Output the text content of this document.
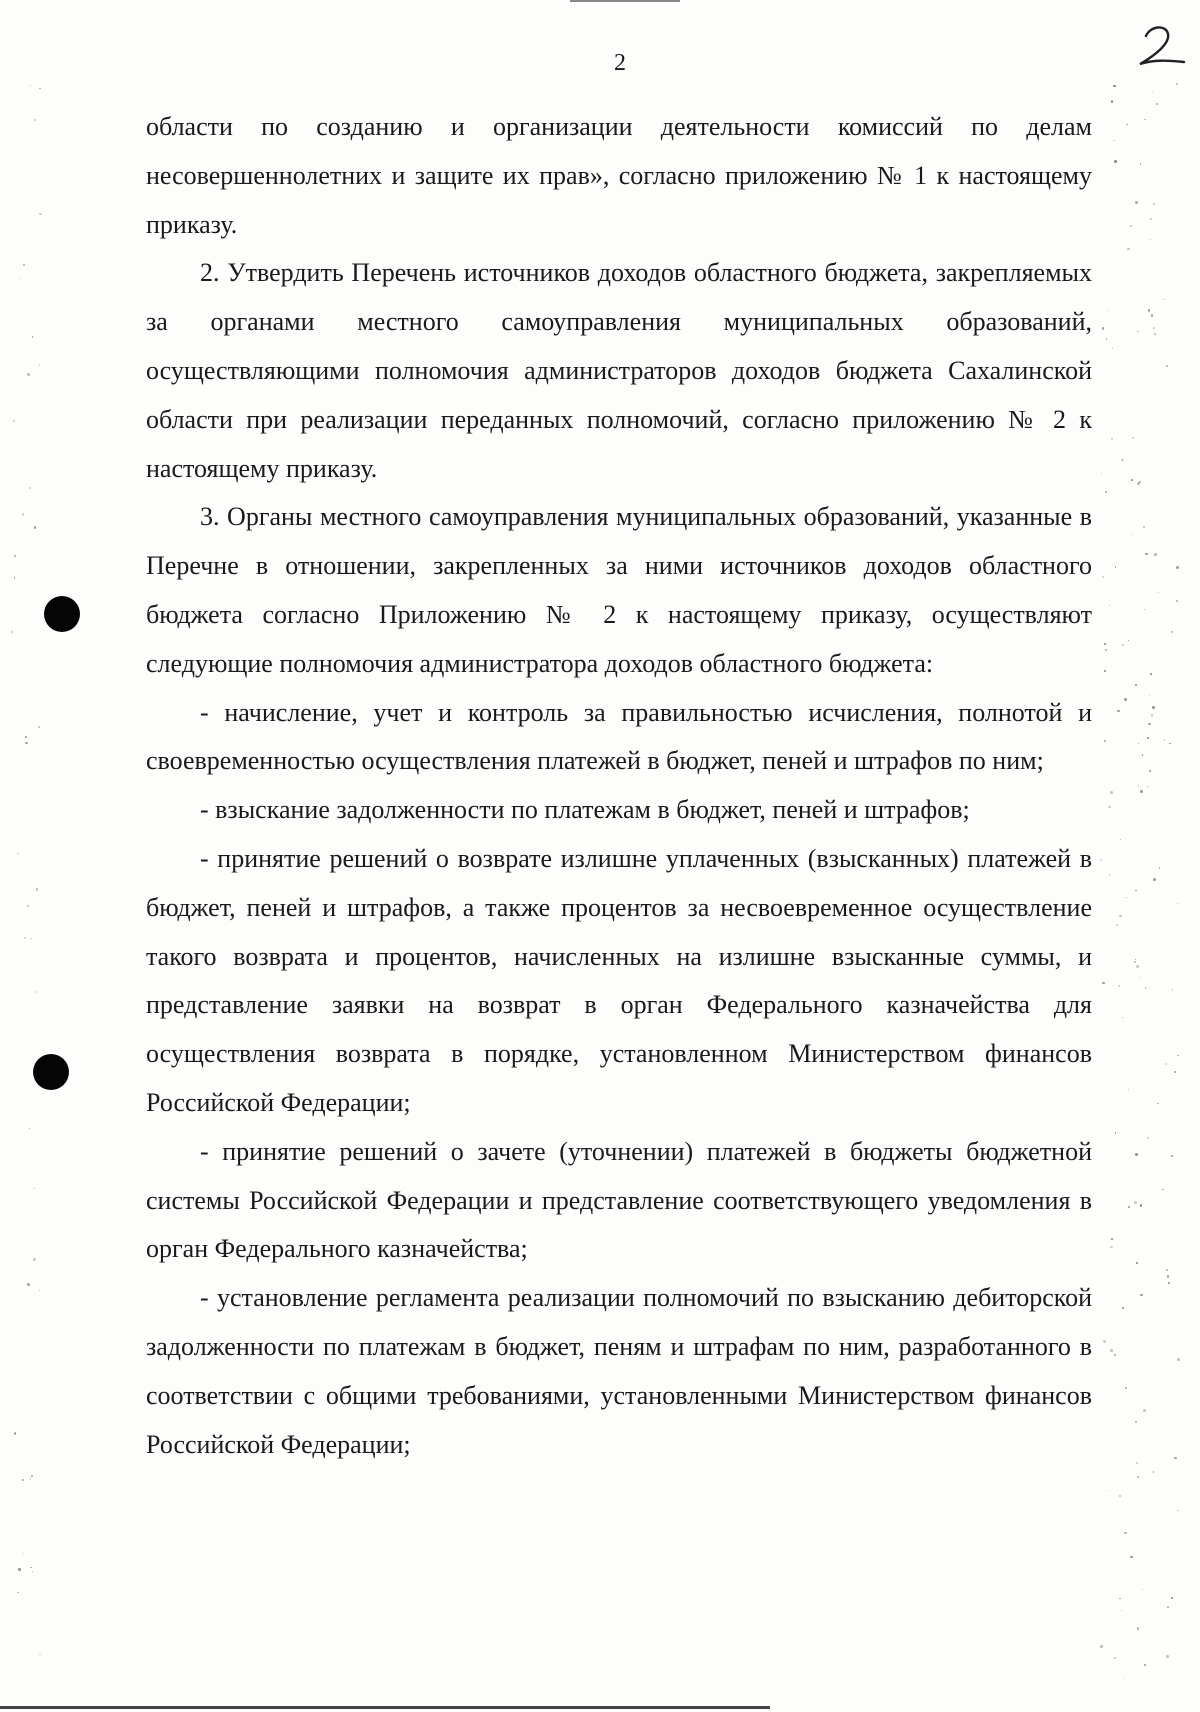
2

области по созданию и организации деятельности комиссий по делам несовершеннолетних и защите их прав», согласно приложению № 1 к настоящему приказу.

2. Утвердить Перечень источников доходов областного бюджета, закрепляемых за органами местного самоуправления муниципальных образований, осуществляющими полномочия администраторов доходов бюджета Сахалинской области при реализации переданных полномочий, согласно приложению № 2 к настоящему приказу.

3. Органы местного самоуправления муниципальных образований, указанные в Перечне в отношении, закрепленных за ними источников доходов областного бюджета согласно Приложению № 2 к настоящему приказу, осуществляют следующие полномочия администратора доходов областного бюджета:

- начисление, учет и контроль за правильностью исчисления, полнотой и своевременностью осуществления платежей в бюджет, пеней и штрафов по ним;

- взыскание задолженности по платежам в бюджет, пеней и штрафов;

- принятие решений о возврате излишне уплаченных (взысканных) платежей в бюджет, пеней и штрафов, а также процентов за несвоевременное осуществление такого возврата и процентов, начисленных на излишне взысканные суммы, и представление заявки на возврат в орган Федерального казначейства для осуществления возврата в порядке, установленном Министерством финансов Российской Федерации;

- принятие решений о зачете (уточнении) платежей в бюджеты бюджетной системы Российской Федерации и представление соответствующего уведомления в орган Федерального казначейства;

- установление регламента реализации полномочий по взысканию дебиторской задолженности по платежам в бюджет, пеням и штрафам по ним, разработанного в соответствии с общими требованиями, установленными Министерством финансов Российской Федерации;
